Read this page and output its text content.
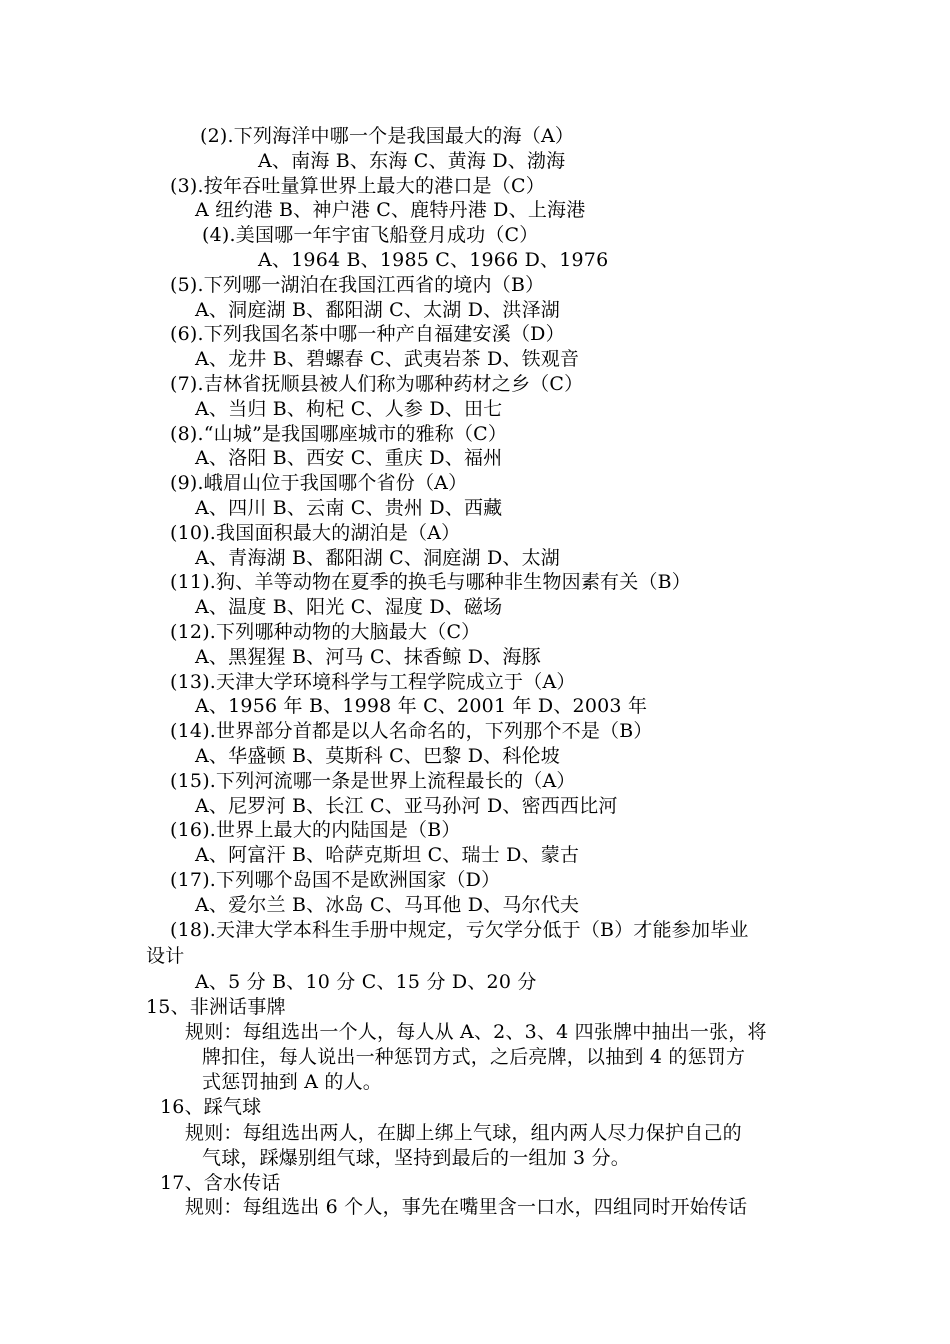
(2).下列海洋中哪一个是我国最大的海（A）
A、南海 B、东海 C、黄海 D、渤海
(3).按年吞吐量算世界上最大的港口是（C）
A 纽约港 B、神户港 C、鹿特丹港 D、上海港
(4).美国哪一年宇宙飞船登月成功（C）
A、1964 B、1985 C、1966 D、1976
(5).下列哪一湖泊在我国江西省的境内（B）
A、洞庭湖 B、鄱阳湖 C、太湖 D、洪泽湖
(6).下列我国名茶中哪一种产自福建安溪（D）
A、龙井 B、碧螺春 C、武夷岩茶 D、铁观音
(7).吉林省抚顺县被人们称为哪种药材之乡（C）
A、当归 B、枸杞 C、人参 D、田七
(8).“山城”是我国哪座城市的雅称（C）
A、洛阳 B、西安 C、重庆 D、福州
(9).峨眉山位于我国哪个省份（A）
A、四川 B、云南 C、贵州 D、西藏
(10).我国面积最大的湖泊是（A）
A、青海湖 B、鄱阳湖 C、洞庭湖 D、太湖
(11).狗、羊等动物在夏季的换毛与哪种非生物因素有关（B）
A、温度 B、阳光 C、湿度 D、磁场
(12).下列哪种动物的大脑最大（C）
A、黑猩猩 B、河马 C、抹香鲸 D、海豚
(13).天津大学环境科学与工程学院成立于（A）
A、1956 年 B、1998 年 C、2001 年 D、2003 年
(14).世界部分首都是以人名命名的，下列那个不是（B）
A、华盛顿 B、莫斯科 C、巴黎 D、科伦坡
(15).下列河流哪一条是世界上流程最长的（A）
A、尼罗河 B、长江 C、亚马孙河 D、密西西比河
(16).世界上最大的内陆国是（B）
A、阿富汗 B、哈萨克斯坦 C、瑞士 D、蒙古
(17).下列哪个岛国不是欧洲国家（D）
A、爱尔兰 B、冰岛 C、马耳他 D、马尔代夫
(18).天津大学本科生手册中规定，亏欠学分低于（B）才能参加毕业
设计
A、5 分 B、10 分 C、15 分 D、20 分
15、非洲话事牌
规则：每组选出一个人，每人从 A、2、3、4 四张牌中抽出一张，将
牌扣住，每人说出一种惩罚方式，之后亮牌，以抽到 4 的惩罚方
式惩罚抽到 A 的人。
16、踩气球
规则：每组选出两人，在脚上绑上气球，组内两人尽力保护自己的
气球，踩爆别组气球，坚持到最后的一组加 3 分。
17、含水传话
规则：每组选出 6 个人，事先在嘴里含一口水，四组同时开始传话
